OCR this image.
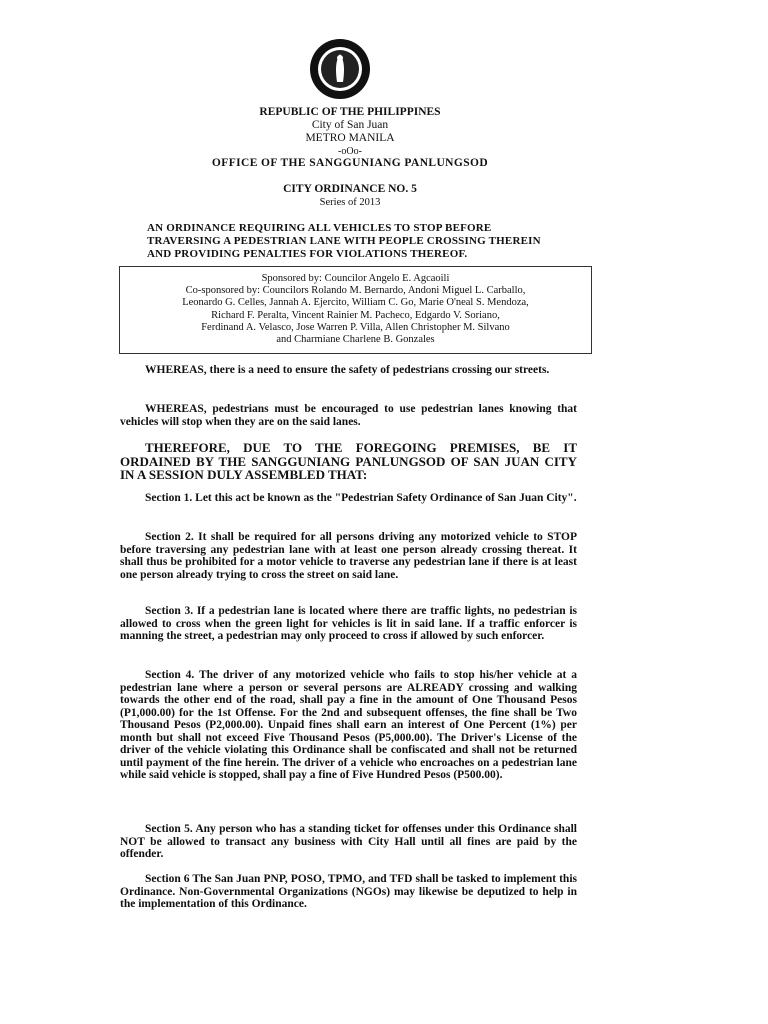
REPUBLIC OF THE PHILIPPINES
City of San Juan
METRO MANILA
-oOo-
OFFICE OF THE SANGGUNIANG PANLUNGSOD
CITY ORDINANCE NO. 5
Series of 2013
AN ORDINANCE REQUIRING ALL VEHICLES TO STOP BEFORE
TRAVERSING A PEDESTRIAN LANE WITH PEOPLE CROSSING THEREIN
AND PROVIDING PENALTIES FOR VIOLATIONS THEREOF.
Sponsored by: Councilor Angelo E. Agcaoili
Co-sponsored by: Councilors Rolando M. Bernardo, Andoni Miguel L. Carballo,
Leonardo G. Celles, Jannah A. Ejercito, William C. Go, Marie O'neal S. Mendoza,
Richard F. Peralta, Vincent Rainier M. Pacheco, Edgardo V. Soriano,
Ferdinand A. Velasco, Jose Warren P. Villa, Allen Christopher M. Silvano
and Charmiane Charlene B. Gonzales
WHEREAS, there is a need to ensure the safety of pedestrians crossing our streets.
WHEREAS, pedestrians must be encouraged to use pedestrian lanes knowing that vehicles will stop when they are on the said lanes.
THEREFORE, DUE TO THE FOREGOING PREMISES, BE IT ORDAINED BY THE SANGGUNIANG PANLUNGSOD OF SAN JUAN CITY IN A SESSION DULY ASSEMBLED THAT:
Section 1. Let this act be known as the "Pedestrian Safety Ordinance of San Juan City".
Section 2. It shall be required for all persons driving any motorized vehicle to STOP before traversing any pedestrian lane with at least one person already crossing thereat. It shall thus be prohibited for a motor vehicle to traverse any pedestrian lane if there is at least one person already trying to cross the street on said lane.
Section 3. If a pedestrian lane is located where there are traffic lights, no pedestrian is allowed to cross when the green light for vehicles is lit in said lane. If a traffic enforcer is manning the street, a pedestrian may only proceed to cross if allowed by such enforcer.
Section 4. The driver of any motorized vehicle who fails to stop his/her vehicle at a pedestrian lane where a person or several persons are ALREADY crossing and walking towards the other end of the road, shall pay a fine in the amount of One Thousand Pesos (P1,000.00) for the 1st Offense. For the 2nd and subsequent offenses, the fine shall be Two Thousand Pesos (P2,000.00). Unpaid fines shall earn an interest of One Percent (1%) per month but shall not exceed Five Thousand Pesos (P5,000.00). The Driver's License of the driver of the vehicle violating this Ordinance shall be confiscated and shall not be returned until payment of the fine herein. The driver of a vehicle who encroaches on a pedestrian lane while said vehicle is stopped, shall pay a fine of Five Hundred Pesos (P500.00).
Section 5. Any person who has a standing ticket for offenses under this Ordinance shall NOT be allowed to transact any business with City Hall until all fines are paid by the offender.
Section 6 The San Juan PNP, POSO, TPMO, and TFD shall be tasked to implement this Ordinance. Non-Governmental Organizations (NGOs) may likewise be deputized to help in the implementation of this Ordinance.
